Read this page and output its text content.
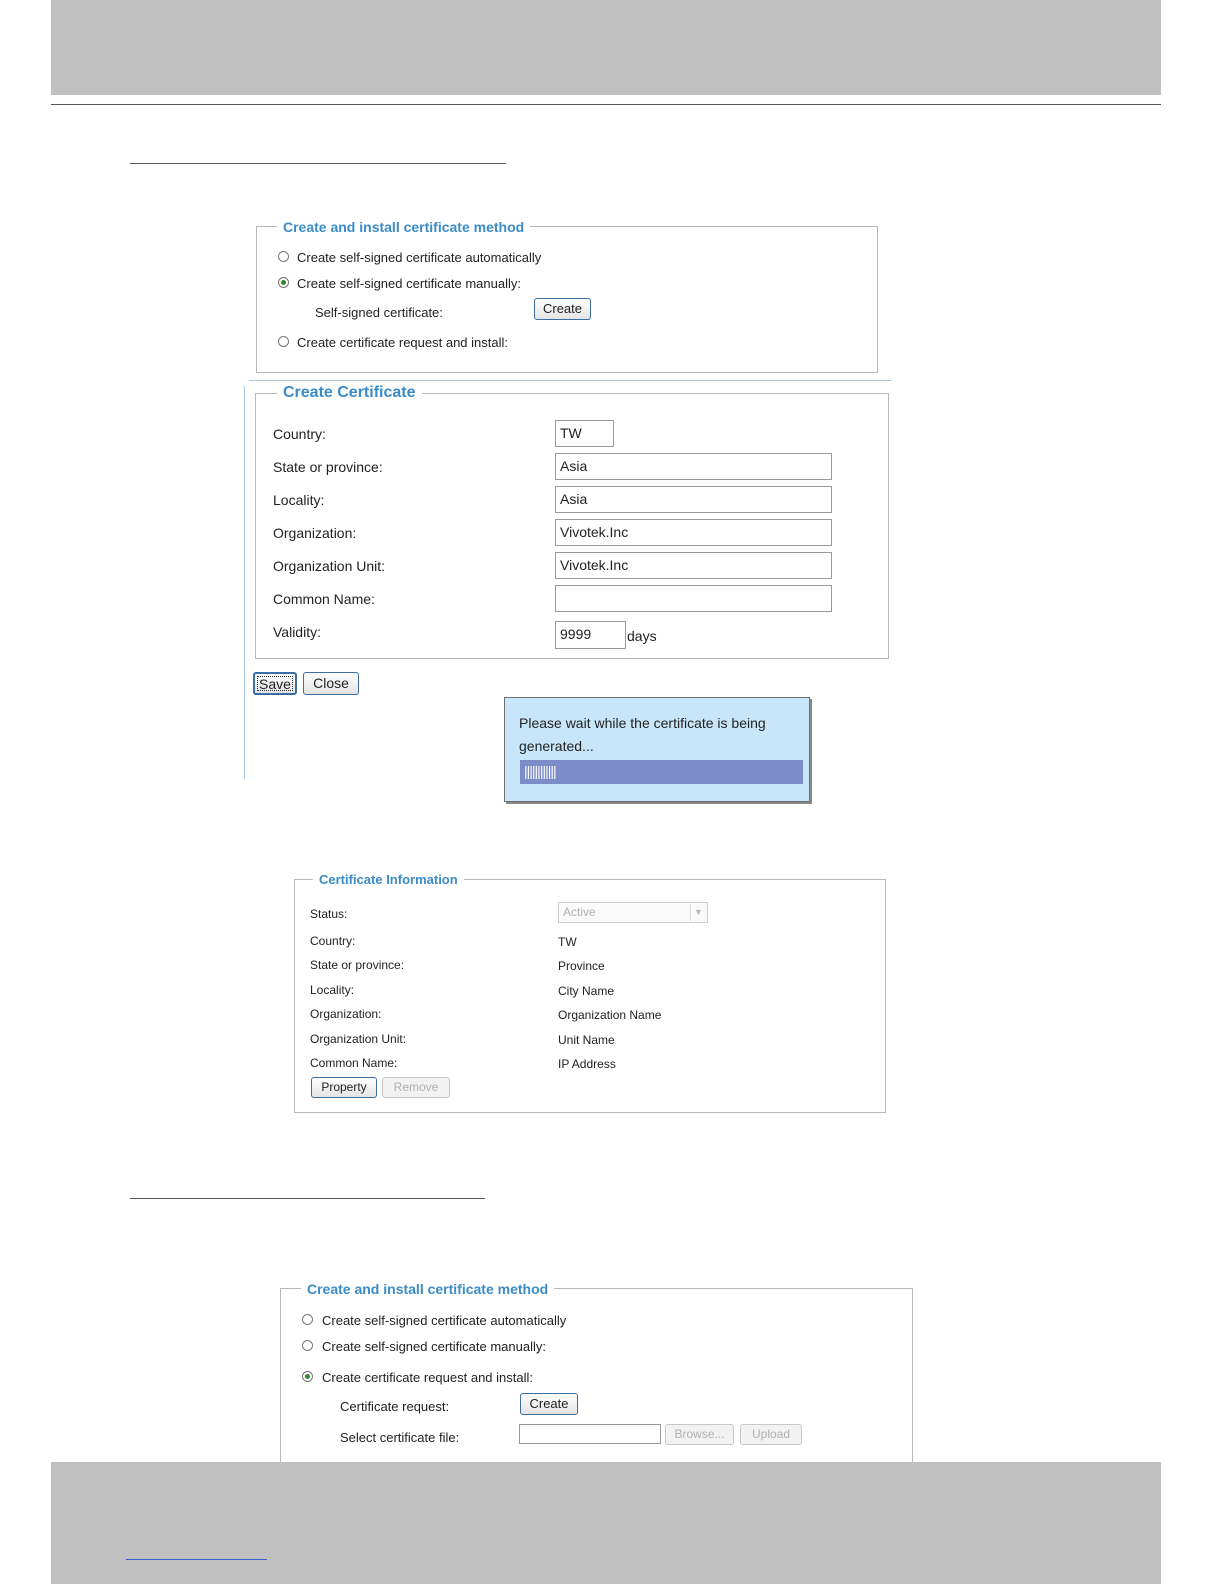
Create and install certificate method
Create self-signed certificate automatically
Create self-signed certificate manually:
Self-signed certificate:	Create
Create certificate request and install:
Create Certificate
Country:	TW
State or province:	Asia
Locality:	Asia
Organization:	Vivotek.Inc
Organization Unit:	Vivotek.Inc
Common Name:
Validity:	9999	days
Save	Close
Please wait while the certificate is being generated...
||||||||||||
Certificate Information
Status:	Active	▼
Country:	TW
State or province:	Province
Locality:	City Name
Organization:	Organization Name
Organization Unit:	Unit Name
Common Name:	IP Address
Property	Remove
Create and install certificate method
Create self-signed certificate automatically
Create self-signed certificate manually:
Create certificate request and install:
Certificate request:	Create
Select certificate file:	Browse...	Upload
